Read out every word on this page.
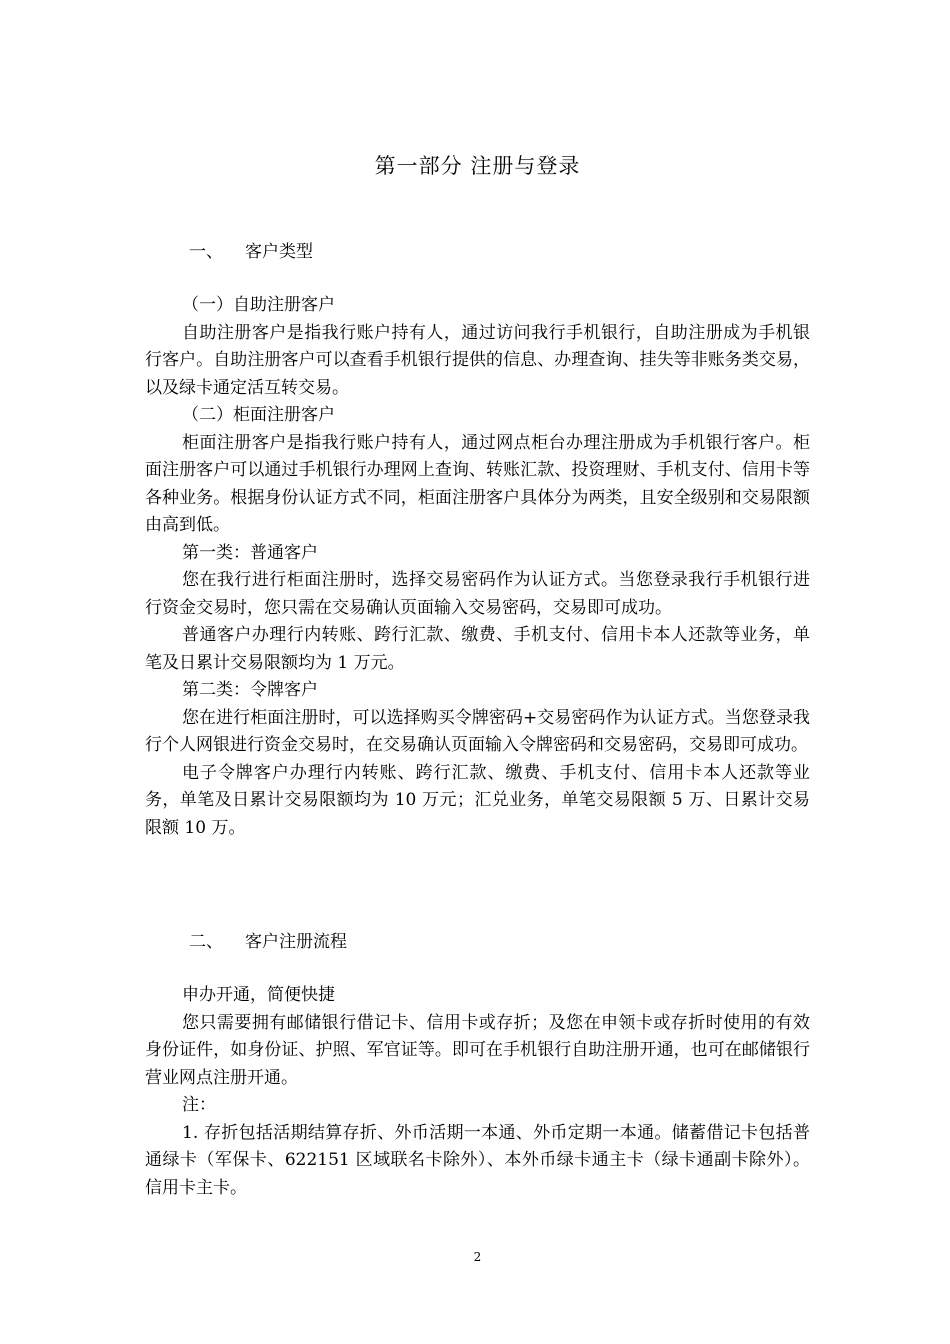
第一部分 注册与登录
一、 客户类型

（一）自助注册客户

自助注册客户是指我行账户持有人，通过访问我行手机银行，自助注册成为手机银行客户。自助注册客户可以查看手机银行提供的信息、办理查询、挂失等非账务类交易，以及绿卡通定活互转交易。

（二）柜面注册客户

柜面注册客户是指我行账户持有人，通过网点柜台办理注册成为手机银行客户。柜面注册客户可以通过手机银行办理网上查询、转账汇款、投资理财、手机支付、信用卡等各种业务。根据身份认证方式不同，柜面注册客户具体分为两类，且安全级别和交易限额由高到低。

第一类：普通客户

您在我行进行柜面注册时，选择交易密码作为认证方式。当您登录我行手机银行进行资金交易时，您只需在交易确认页面输入交易密码，交易即可成功。

普通客户办理行内转账、跨行汇款、缴费、手机支付、信用卡本人还款等业务，单笔及日累计交易限额均为 1 万元。

第二类：令牌客户

您在进行柜面注册时，可以选择购买令牌密码+交易密码作为认证方式。当您登录我行个人网银进行资金交易时，在交易确认页面输入令牌密码和交易密码，交易即可成功。

电子令牌客户办理行内转账、跨行汇款、缴费、手机支付、信用卡本人还款等业务，单笔及日累计交易限额均为 10 万元；汇兑业务，单笔交易限额 5 万、日累计交易限额 10 万。

二、 客户注册流程

申办开通，简便快捷

您只需要拥有邮储银行借记卡、信用卡或存折；及您在申领卡或存折时使用的有效身份证件，如身份证、护照、军官证等。即可在手机银行自助注册开通，也可在邮储银行营业网点注册开通。

注：

1. 存折包括活期结算存折、外币活期一本通、外币定期一本通。储蓄借记卡包括普通绿卡（军保卡、622151 区域联名卡除外）、本外币绿卡通主卡（绿卡通副卡除外）。信用卡主卡。

2
